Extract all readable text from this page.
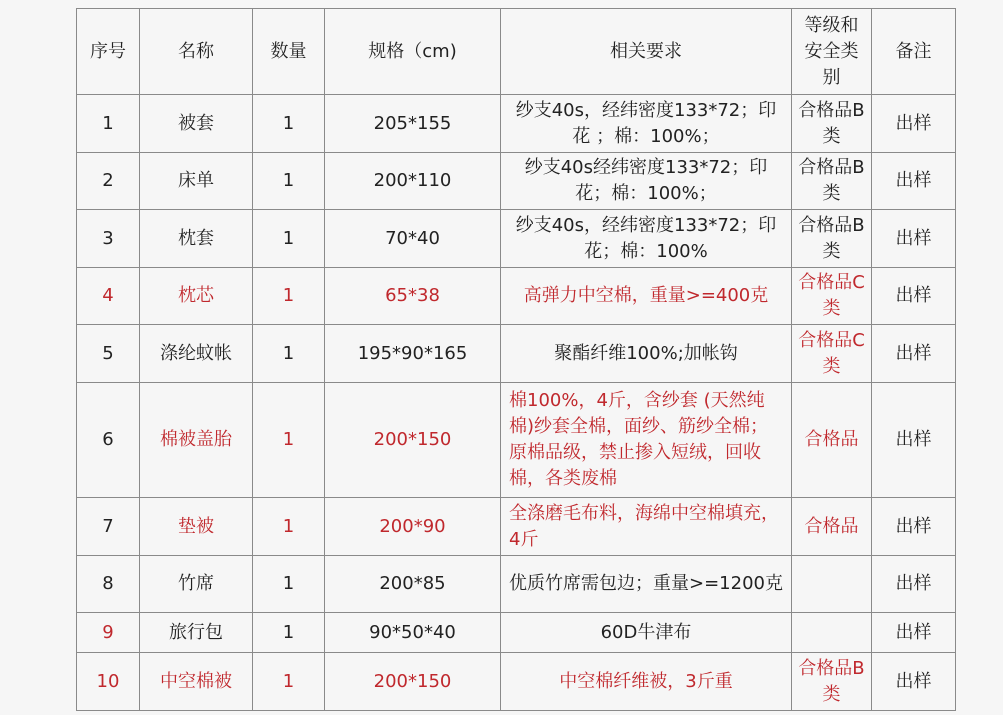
序号	名称	数量	规格（cm)	相关要求	等级和安全类别	备注
1	被套	1	205*155	纱支40s，经纬密度133*72；印花 ；棉：100%；	合格品B类	出样
2	床单	1	200*110	纱支40s经纬密度133*72；印花；棉：100%；	合格品B类	出样
3	枕套	1	70*40	纱支40s，经纬密度133*72；印花；棉：100%	合格品B类	出样
4	枕芯	1	65*38	高弹力中空棉，重量>=400克	合格品C类	出样
5	涤纶蚊帐	1	195*90*165	聚酯纤维100%;加帐钩	合格品C类	出样
6	棉被盖胎	1	200*150	棉100%，4斤，含纱套 (天然纯棉)纱套全棉，面纱、筋纱全棉；原棉品级，禁止掺入短绒，回收棉，各类废棉	合格品	出样
7	垫被	1	200*90	全涤磨毛布料，海绵中空棉填充，4斤	合格品	出样
8	竹席	1	200*85	优质竹席需包边；重量>=1200克		出样
9	旅行包	1	90*50*40	60D牛津布		出样
10	中空棉被	1	200*150	中空棉纤维被，3斤重	合格品B类	出样
